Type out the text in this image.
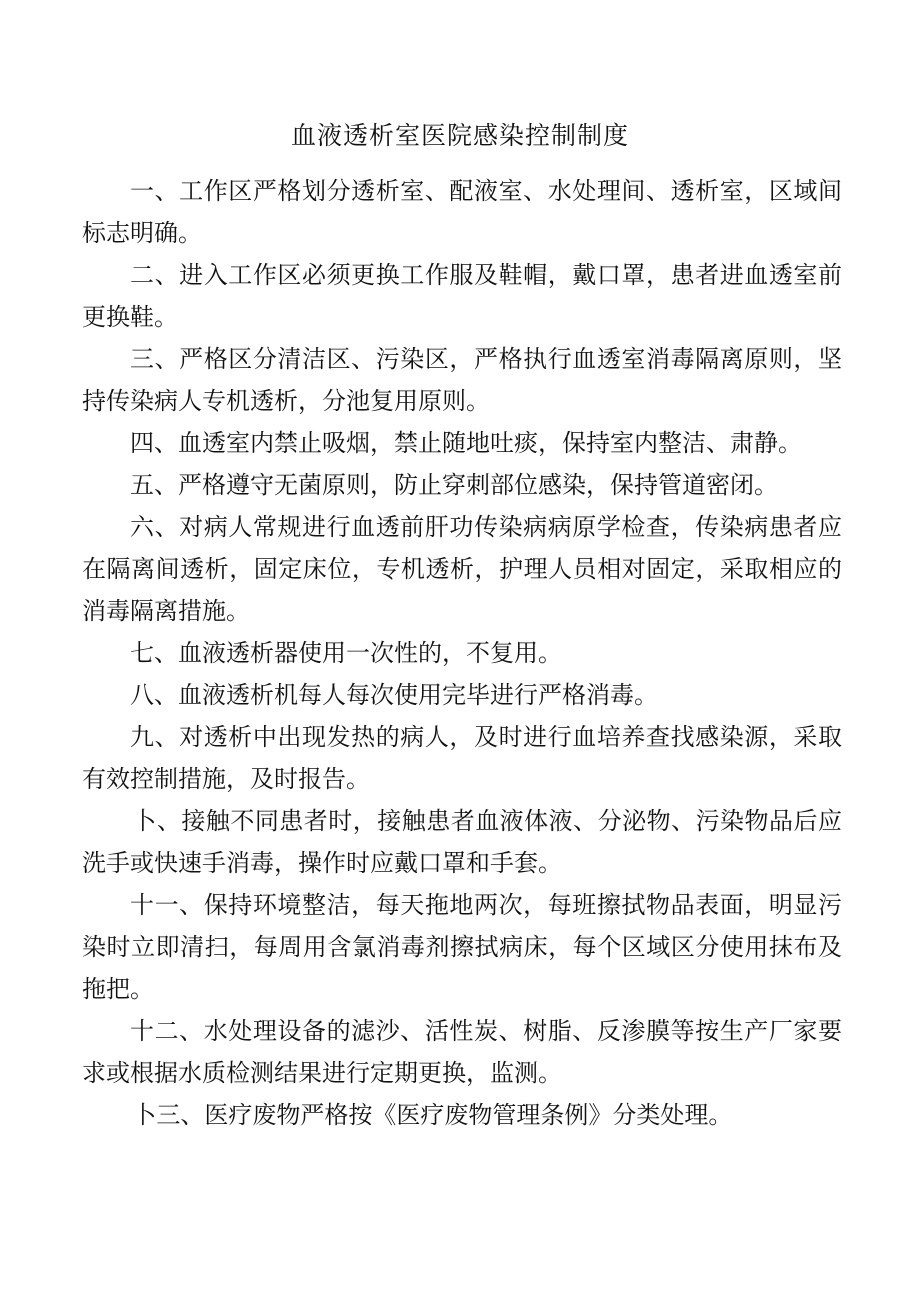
血液透析室医院感染控制制度

一、工作区严格划分透析室、配液室、水处理间、透析室，区域间标志明确。

二、进入工作区必须更换工作服及鞋帽，戴口罩，患者进血透室前更换鞋。

三、严格区分清洁区、污染区，严格执行血透室消毒隔离原则，坚持传染病人专机透析，分池复用原则。

四、血透室内禁止吸烟，禁止随地吐痰，保持室内整洁、肃静。

五、严格遵守无菌原则，防止穿刺部位感染，保持管道密闭。

六、对病人常规进行血透前肝功传染病病原学检查，传染病患者应在隔离间透析，固定床位，专机透析，护理人员相对固定，采取相应的消毒隔离措施。

七、血液透析器使用一次性的，不复用。

八、血液透析机每人每次使用完毕进行严格消毒。

九、对透析中出现发热的病人，及时进行血培养查找感染源，采取有效控制措施，及时报告。

卜、接触不同患者时，接触患者血液体液、分泌物、污染物品后应洗手或快速手消毒，操作时应戴口罩和手套。

十一、保持环境整洁，每天拖地两次，每班擦拭物品表面，明显污染时立即清扫，每周用含氯消毒剂擦拭病床，每个区域区分使用抹布及拖把。

十二、水处理设备的滤沙、活性炭、树脂、反渗膜等按生产厂家要求或根据水质检测结果进行定期更换，监测。

卜三、医疗废物严格按《医疗废物管理条例》分类处理。
